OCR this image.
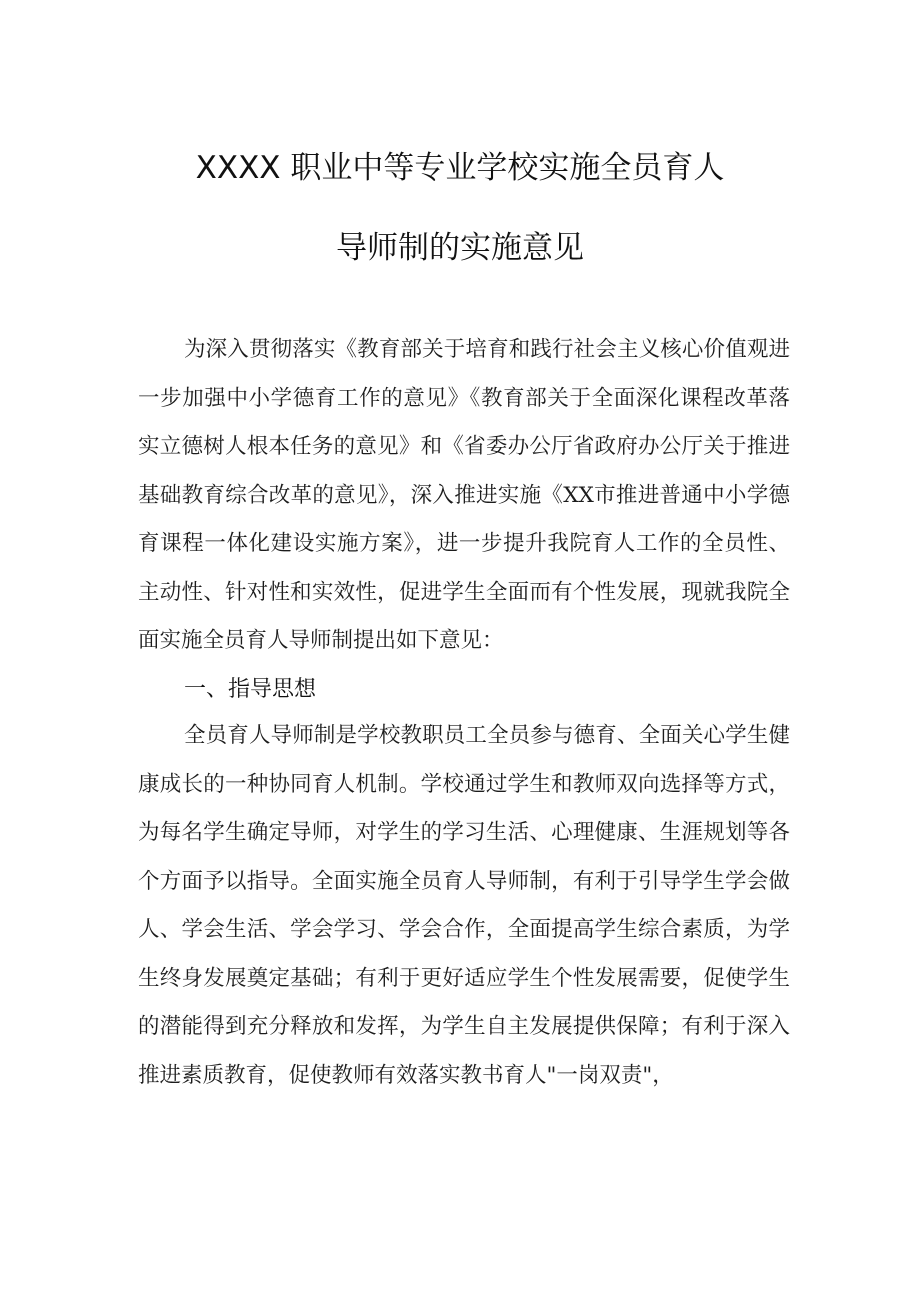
XXXX 职业中等专业学校实施全员育人
导师制的实施意见
为深入贯彻落实《教育部关于培育和践行社会主义核心价值观进一步加强中小学德育工作的意见》《教育部关于全面深化课程改革落实立德树人根本任务的意见》和《省委办公厅省政府办公厅关于推进基础教育综合改革的意见》，深入推进实施《XX市推进普通中小学德育课程一体化建设实施方案》，进一步提升我院育人工作的全员性、主动性、针对性和实效性，促进学生全面而有个性发展，现就我院全面实施全员育人导师制提出如下意见：
一、指导思想
全员育人导师制是学校教职员工全员参与德育、全面关心学生健康成长的一种协同育人机制。学校通过学生和教师双向选择等方式，为每名学生确定导师，对学生的学习生活、心理健康、生涯规划等各个方面予以指导。全面实施全员育人导师制，有利于引导学生学会做人、学会生活、学会学习、学会合作，全面提高学生综合素质，为学生终身发展奠定基础；有利于更好适应学生个性发展需要，促使学生的潜能得到充分释放和发挥，为学生自主发展提供保障；有利于深入推进素质教育，促使教师有效落实教书育人"一岗双责"，
